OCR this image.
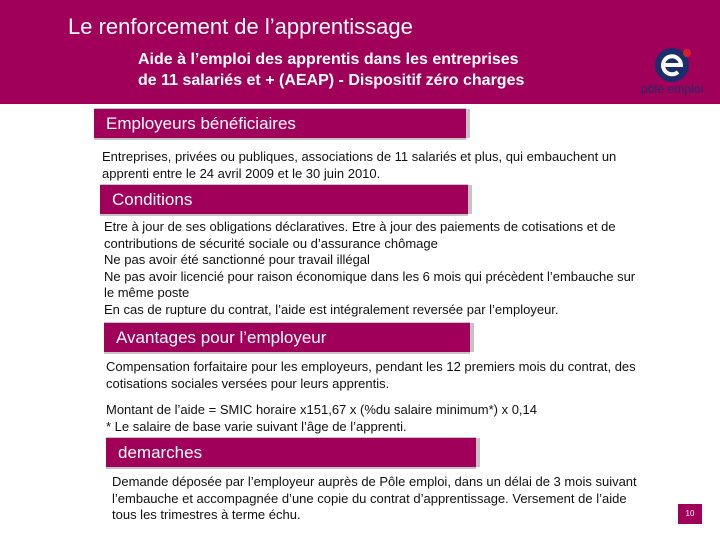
Le renforcement de l’apprentissage
Aide à l’emploi des apprentis dans les entreprises
de 11 salariés et + (AEAP) - Dispositif zéro charges	pôle emploi
Employeurs bénéficiaires
Entreprises, privées ou publiques, associations de 11 salariés et plus, qui embauchent un
apprenti entre le 24 avril 2009 et le 30 juin 2010.
Conditions
Etre à jour de ses obligations déclaratives. Etre à jour des paiements de cotisations et de
contributions de sécurité sociale ou d’assurance chômage
Ne pas avoir été sanctionné pour travail illégal
Ne pas avoir licencié pour raison économique dans les 6 mois qui précèdent l’embauche sur
le même poste
En cas de rupture du contrat, l’aide est intégralement reversée par l’employeur.
Avantages pour l’employeur
Compensation forfaitaire pour les employeurs, pendant les 12 premiers mois du contrat, des
cotisations sociales versées pour leurs apprentis.
Montant de l’aide = SMIC horaire x151,67 x (%du salaire minimum*) x 0,14
* Le salaire de base varie suivant l’âge de l’apprenti.
demarches
Demande déposée par l’employeur auprès de Pôle emploi, dans un délai de 3 mois suivant
l’embauche et accompagnée d’une copie du contrat d’apprentissage. Versement de l’aide
tous les trimestres à terme échu.	10
